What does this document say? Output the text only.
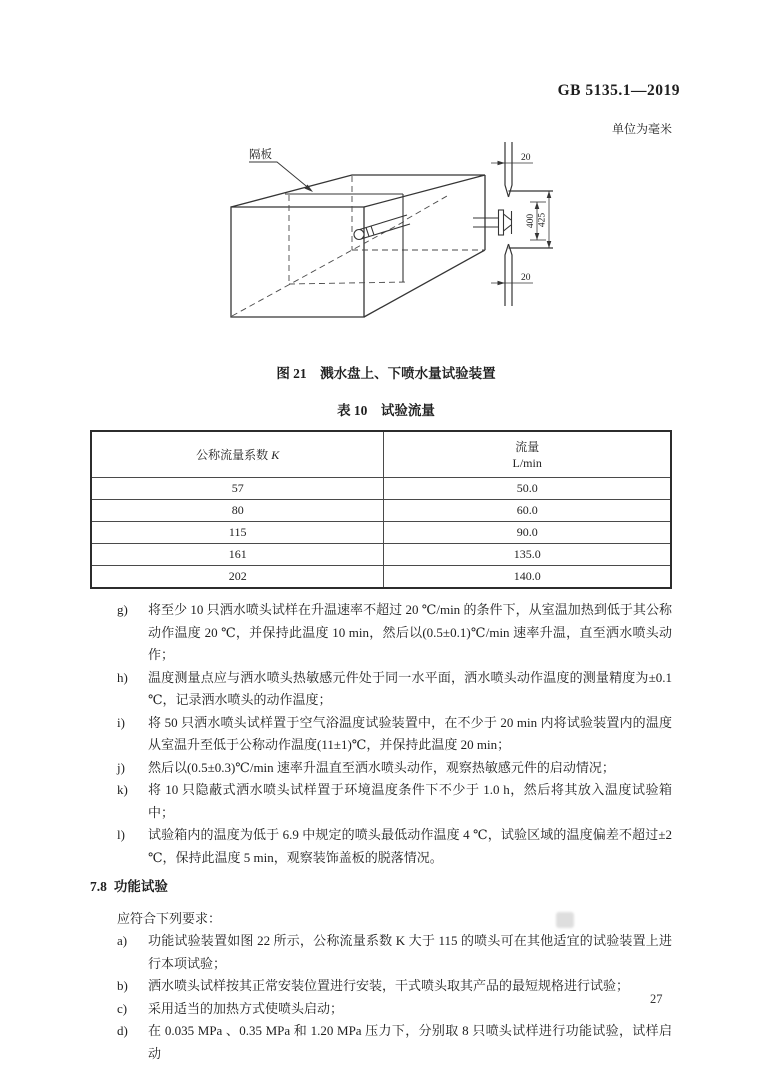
GB 5135.1—2019
单位为毫米
隔板	20
20
400 425
图 21　溅水盘上、下喷水量试验装置
表 10　试验流量
公称流量系数 K	流量
L/min

57	50.0
80	60.0
115	90.0
161	135.0
202	140.0
g)	将至少 10 只洒水喷头试样在升温速率不超过 20 ℃/min 的条件下，从室温加热到低于其公称动作温度 20 ℃，并保持此温度 10 min，然后以(0.5±0.1)℃/min 速率升温，直至洒水喷头动作；
h)	温度测量点应与洒水喷头热敏感元件处于同一水平面，洒水喷头动作温度的测量精度为±0.1 ℃，记录洒水喷头的动作温度；
i)	将 50 只洒水喷头试样置于空气浴温度试验装置中，在不少于 20 min 内将试验装置内的温度从室温升至低于公称动作温度(11±1)℃，并保持此温度 20 min；
j)	然后以(0.5±0.3)℃/min 速率升温直至洒水喷头动作，观察热敏感元件的启动情况；
k)	将 10 只隐蔽式洒水喷头试样置于环境温度条件下不少于 1.0 h，然后将其放入温度试验箱中；
l)	试验箱内的温度为低于 6.9 中规定的喷头最低动作温度 4 ℃，试验区域的温度偏差不超过±2 ℃，保持此温度 5 min，观察装饰盖板的脱落情况。
7.8 功能试验
应符合下列要求：
a)	功能试验装置如图 22 所示，公称流量系数 K 大于 115 的喷头可在其他适宜的试验装置上进行本项试验；
b)	洒水喷头试样按其正常安装位置进行安装，干式喷头取其产品的最短规格进行试验；
c)	采用适当的加热方式使喷头启动；
d)	在 0.035 MPa 、0.35 MPa 和 1.20 MPa 压力下，分别取 8 只喷头试样进行功能试验，试样启动
27
